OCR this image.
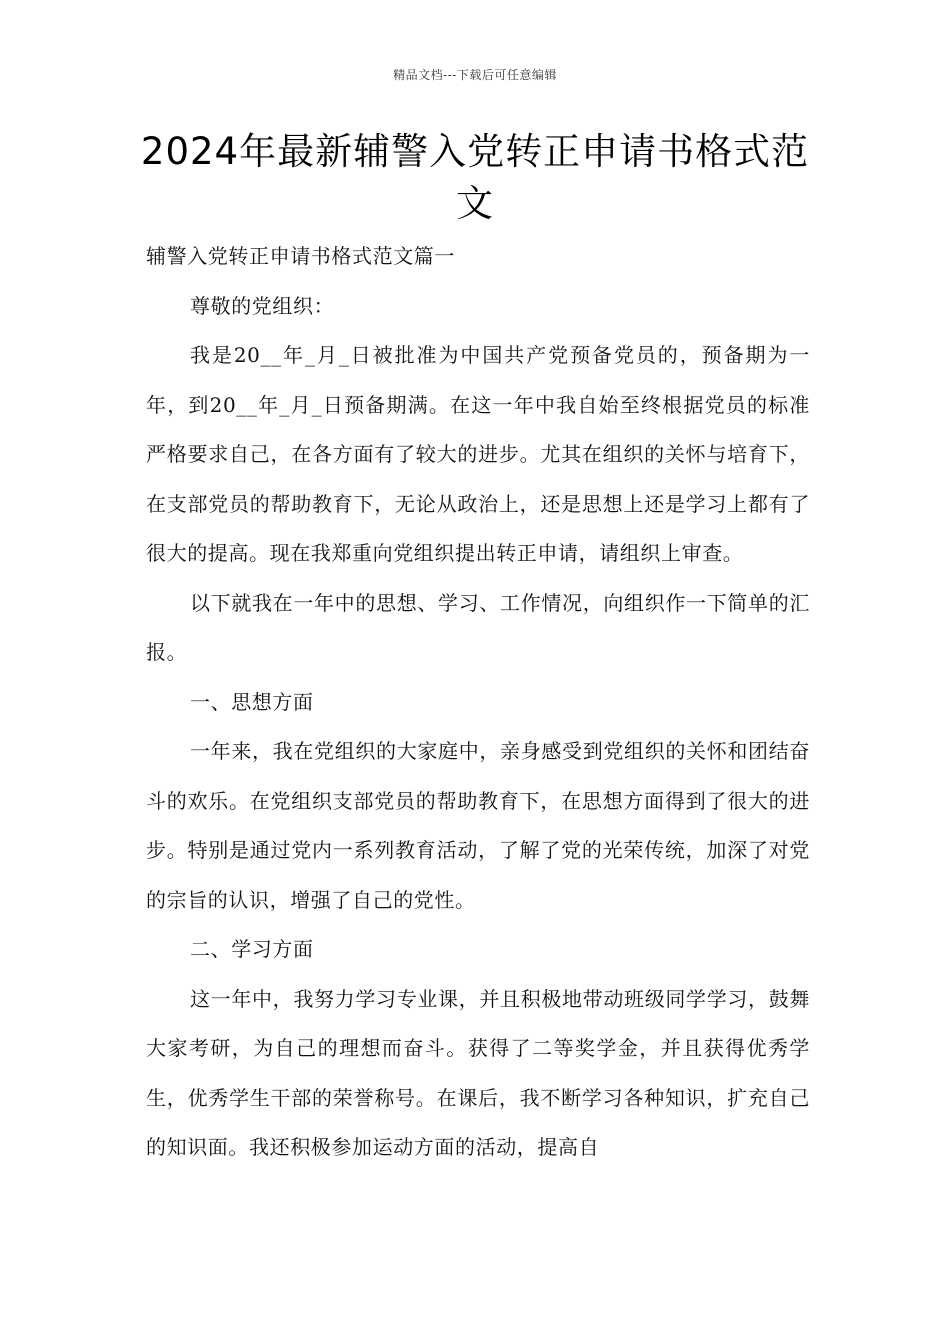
精品文档---下载后可任意编辑
2024年最新辅警入党转正申请书格式范文

辅警入党转正申请书格式范文篇一

尊敬的党组织：

我是20__年_月_日被批准为中国共产党预备党员的，预备期为一年，到20__年_月_日预备期满。在这一年中我自始至终根据党员的标准严格要求自己，在各方面有了较大的进步。尤其在组织的关怀与培育下，在支部党员的帮助教育下，无论从政治上，还是思想上还是学习上都有了很大的提高。现在我郑重向党组织提出转正申请，请组织上审查。

以下就我在一年中的思想、学习、工作情况，向组织作一下简单的汇报。

一、思想方面

一年来，我在党组织的大家庭中，亲身感受到党组织的关怀和团结奋斗的欢乐。在党组织支部党员的帮助教育下，在思想方面得到了很大的进步。特别是通过党内一系列教育活动，了解了党的光荣传统，加深了对党的宗旨的认识，增强了自己的党性。

二、学习方面

这一年中，我努力学习专业课，并且积极地带动班级同学学习，鼓舞大家考研，为自己的理想而奋斗。获得了二等奖学金，并且获得优秀学生，优秀学生干部的荣誉称号。在课后，我不断学习各种知识，扩充自己的知识面。我还积极参加运动方面的活动，提高自
